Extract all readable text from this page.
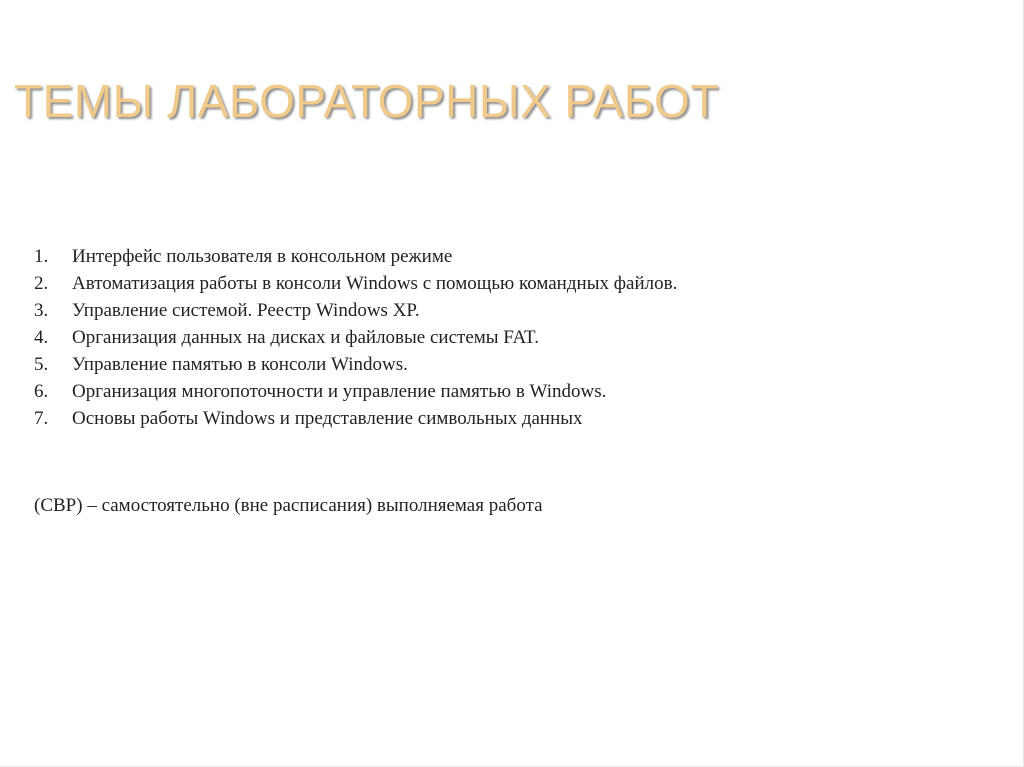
ТЕМЫ ЛАБОРАТОРНЫХ РАБОТ
1.	Интерфейс пользователя в консольном режиме
2.	Автоматизация работы в консоли Windows с помощью командных файлов.
3.	Управление системой. Реестр Windows XP.
4.	Организация данных на дисках и файловые системы FAT.
5.	Управление памятью в консоли Windows.
6.	Организация многопоточности и управление памятью в Windows.
7.	Основы работы Windows и представление символьных данных
(СВР) – самостоятельно (вне расписания) выполняемая работа
